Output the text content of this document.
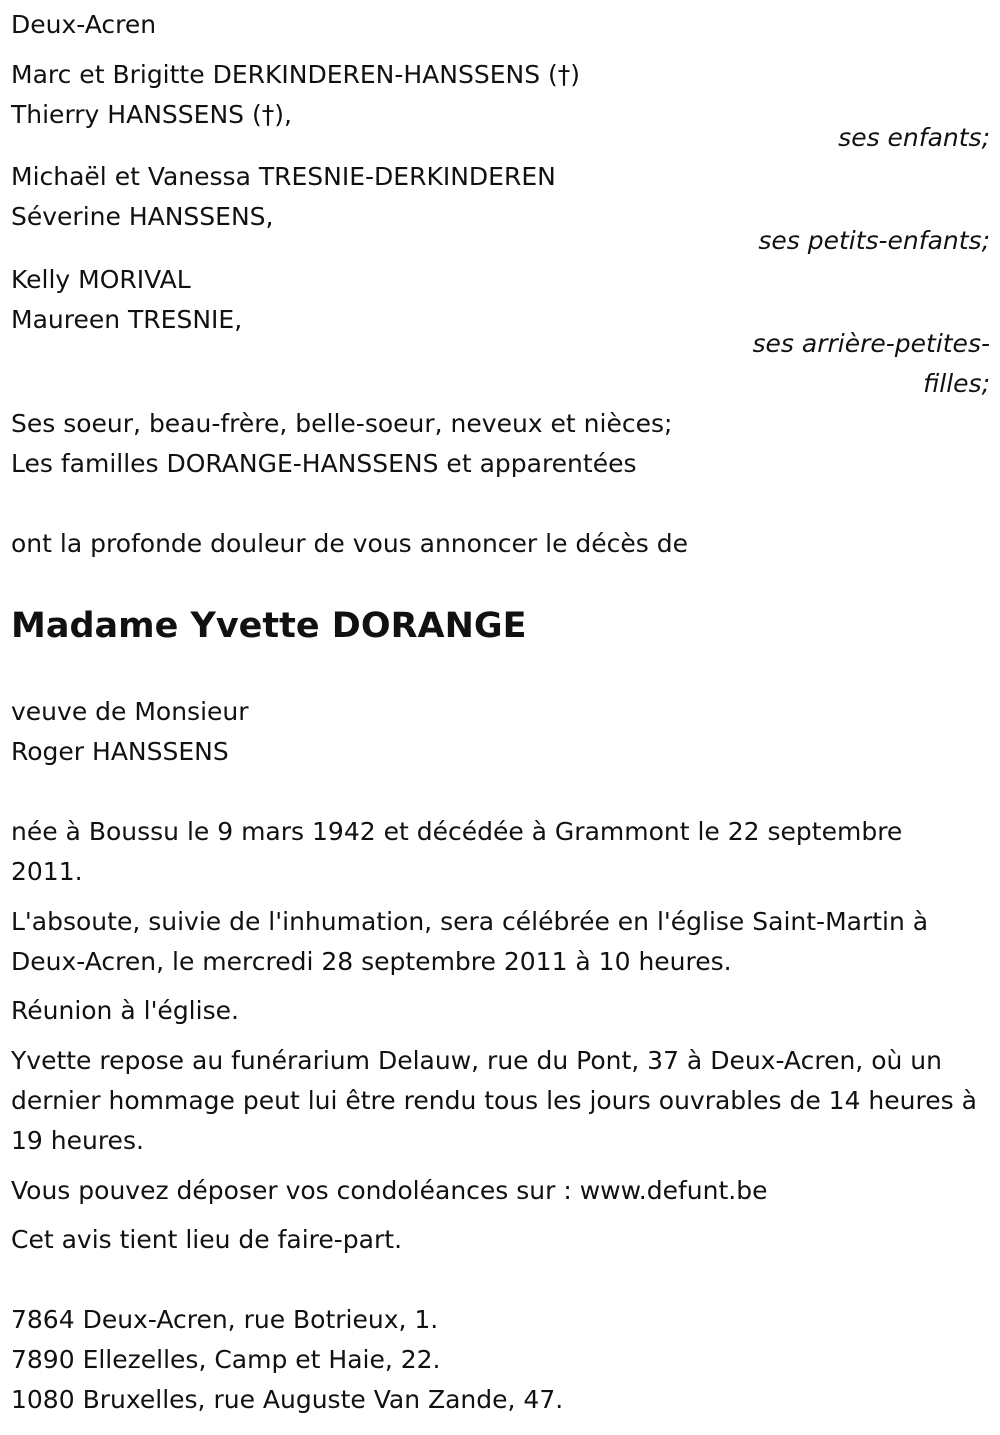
Deux-Acren
Marc et Brigitte DERKINDEREN-HANSSENS (†)
Thierry HANSSENS (†),
ses enfants;
Michaël et Vanessa TRESNIE-DERKINDEREN
Séverine HANSSENS,
ses petits-enfants;
Kelly MORIVAL
Maureen TRESNIE,
ses arrière-petites-
filles;
Ses soeur, beau-frère, belle-soeur, neveux et nièces;
Les familles DORANGE-HANSSENS et apparentées
ont la profonde douleur de vous annoncer le décès de
Madame Yvette DORANGE
veuve de Monsieur
Roger HANSSENS
née à Boussu le 9 mars 1942 et décédée à Grammont le 22 septembre 2011.
L'absoute, suivie de l'inhumation, sera célébrée en l'église Saint-Martin à Deux-Acren, le mercredi 28 septembre 2011 à 10 heures.
Réunion à l'église.
Yvette repose au funérarium Delauw, rue du Pont, 37 à Deux-Acren, où un dernier hommage peut lui être rendu tous les jours ouvrables de 14 heures à 19 heures.
Vous pouvez déposer vos condoléances sur : www.defunt.be
Cet avis tient lieu de faire-part.
7864 Deux-Acren, rue Botrieux, 1.
7890 Ellezelles, Camp et Haie, 22.
1080 Bruxelles, rue Auguste Van Zande, 47.
